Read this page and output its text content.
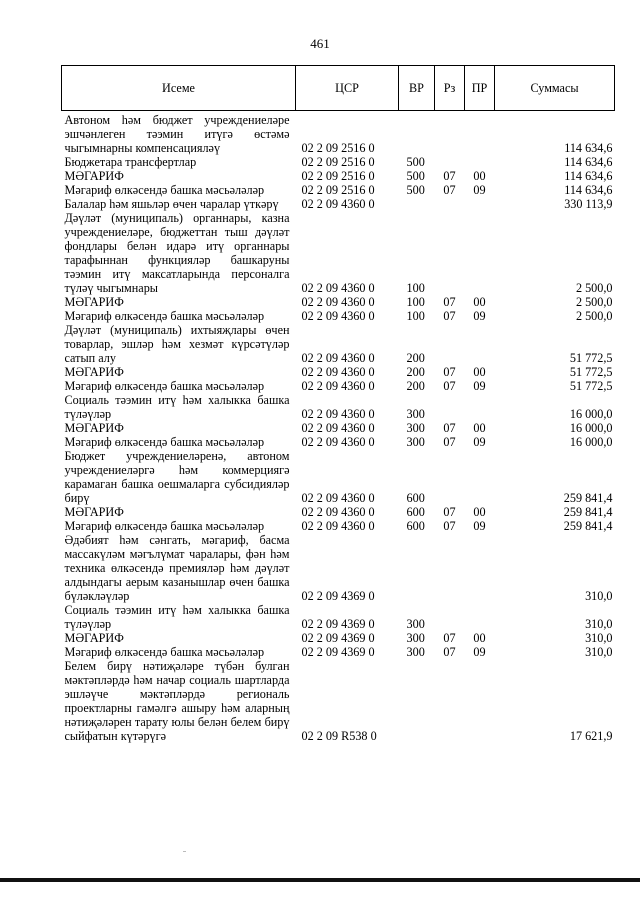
461
Исеме	ЦСР	ВР	Рз	ПР	Суммасы
Автоном һәм бюджет учреждениеләре эшчәнлеген тәэмин итүгә өстәмә чыгымнарны компенсацияләү	02 2 09 2516 0				114 634,6
Бюджетара трансфертлар	02 2 09 2516 0	500			114 634,6
МӘГАРИФ	02 2 09 2516 0	500	07	00	114 634,6
Мәгариф өлкәсендә башка мәсьәләләр	02 2 09 2516 0	500	07	09	114 634,6
Балалар һәм яшьләр өчен чаралар үткәрү	02 2 09 4360 0				330 113,9
Дәүләт (муниципаль) органнары, казна учреждениеләре, бюджеттан тыш дәүләт фондлары белән идарә итү органнары тарафыннан функцияләр башкаруны тәэмин итү максатларында персоналга түләү чыгымнары	02 2 09 4360 0	100			2 500,0
МӘГАРИФ	02 2 09 4360 0	100	07	00	2 500,0
Мәгариф өлкәсендә башка мәсьәләләр	02 2 09 4360 0	100	07	09	2 500,0
Дәүләт (муниципаль) ихтыяҗлары өчен товарлар, эшләр һәм хезмәт күрсәтүләр сатып алу	02 2 09 4360 0	200			51 772,5
МӘГАРИФ	02 2 09 4360 0	200	07	00	51 772,5
Мәгариф өлкәсендә башка мәсьәләләр	02 2 09 4360 0	200	07	09	51 772,5
Социаль тәэмин итү һәм халыкка башка түләүләр	02 2 09 4360 0	300			16 000,0
МӘГАРИФ	02 2 09 4360 0	300	07	00	16 000,0
Мәгариф өлкәсендә башка мәсьәләләр	02 2 09 4360 0	300	07	09	16 000,0
Бюджет учреждениеләренә, автоном учреждениеләргә һәм коммерциягә карамаган башка оешмаларга субсидияләр бирү	02 2 09 4360 0	600			259 841,4
МӘГАРИФ	02 2 09 4360 0	600	07	00	259 841,4
Мәгариф өлкәсендә башка мәсьәләләр	02 2 09 4360 0	600	07	09	259 841,4
Әдәбият һәм сәнгать, мәгариф, басма массакүләм мәгълүмат чаралары, фән һәм техника өлкәсендә премияләр һәм дәүләт алдындагы аерым казанышлар өчен башка бүләкләүләр	02 2 09 4369 0				310,0
Социаль тәэмин итү һәм халыкка башка түләүләр	02 2 09 4369 0	300			310,0
МӘГАРИФ	02 2 09 4369 0	300	07	00	310,0
Мәгариф өлкәсендә башка мәсьәләләр	02 2 09 4369 0	300	07	09	310,0
Белем бирү нәтиҗәләре түбән булган мәктәпләрдә һәм начар социаль шартларда эшләүче мәктәпләрдә региональ проектларны гамәлгә ашыру һәм аларның нәтиҗәләрен тарату юлы белән белем бирү сыйфатын күтәрүгә	02 2 09 R538 0				17 621,9
